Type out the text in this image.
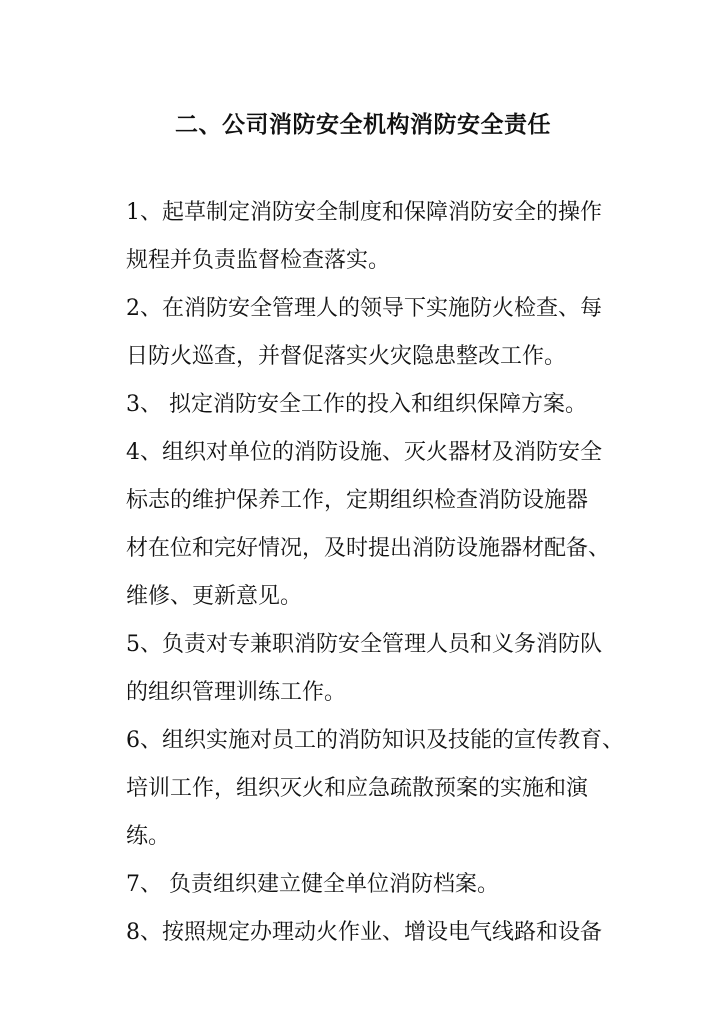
二、公司消防安全机构消防安全责任
1、起草制定消防安全制度和保障消防安全的操作
规程并负责监督检查落实。
2、在消防安全管理人的领导下实施防火检查、每
日防火巡查，并督促落实火灾隐患整改工作。
3、 拟定消防安全工作的投入和组织保障方案。
4、组织对单位的消防设施、灭火器材及消防安全
标志的维护保养工作，定期组织检查消防设施器
材在位和完好情况，及时提出消防设施器材配备、
维修、更新意见。
5、负责对专兼职消防安全管理人员和义务消防队
的组织管理训练工作。
6、组织实施对员工的消防知识及技能的宣传教育、
培训工作，组织灭火和应急疏散预案的实施和演
练。
7、 负责组织建立健全单位消防档案。
8、按照规定办理动火作业、增设电气线路和设备
